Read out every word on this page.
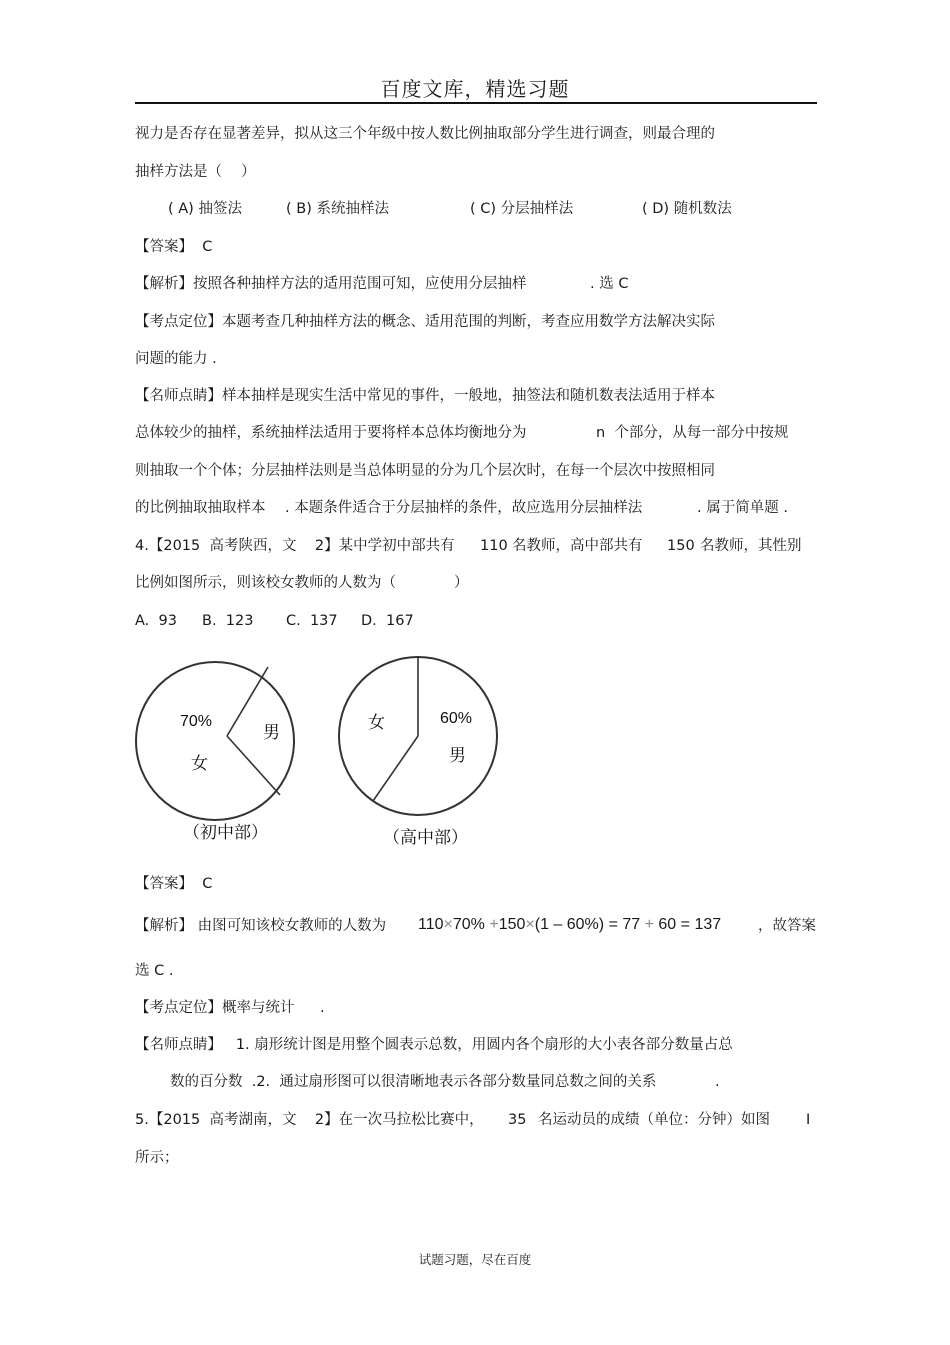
百度文库，精选习题
视力是否存在显著差异，拟从这三个年级中按人数比例抽取部分学生进行调查，则最合理的
抽样方法是（　 ）
( A) 抽签法	( B) 系统抽样法	( C) 分层抽样法	( D) 随机数法
【答案】 C
【解析】按照各种抽样方法的适用范围可知，应使用分层抽样	. 选 C
【考点定位】本题考查几种抽样方法的概念、适用范围的判断，考查应用数学方法解决实际
问题的能力 .
【名师点睛】样本抽样是现实生活中常见的事件，一般地，抽签法和随机数表法适用于样本
总体较少的抽样，系统抽样法适用于要将样本总体均衡地分为	n  个部分，从每一部分中按规
则抽取一个个体；分层抽样法则是当总体明显的分为几个层次时，在每一个层次中按照相同
的比例抽取抽取样本 . 本题条件适合于分层抽样的条件，故应选用分层抽样法	. 属于简单题 .
4.【2015  高考陕西，文    2】某中学初中部共有 110 名教师，高中部共有 150 名教师，其性别
比例如图所示，则该校女教师的人数为（　　　　）
A. 93 B. 123 C. 137 D. 167
70%
女
男
（初中部）
女	60%
男
（高中部）
【答案】 C
【解析】 由图可知该校女教师的人数为 110×70% +150×(1 – 60%) = 77 + 60 = 137	，故答案
选 C .
【考点定位】概率与统计 .
【名师点睛】 1. 扇形统计图是用整个圆表示总数，用圆内各个扇形的大小表各部分数量占总
数的百分数  .2.  通过扇形图可以很清晰地表示各部分数量同总数之间的关系	.
5.【2015  高考湖南，文    2】在一次马拉松比赛中， 35 名运动员的成绩（单位：分钟）如图 I
所示；
试题习题，尽在百度
